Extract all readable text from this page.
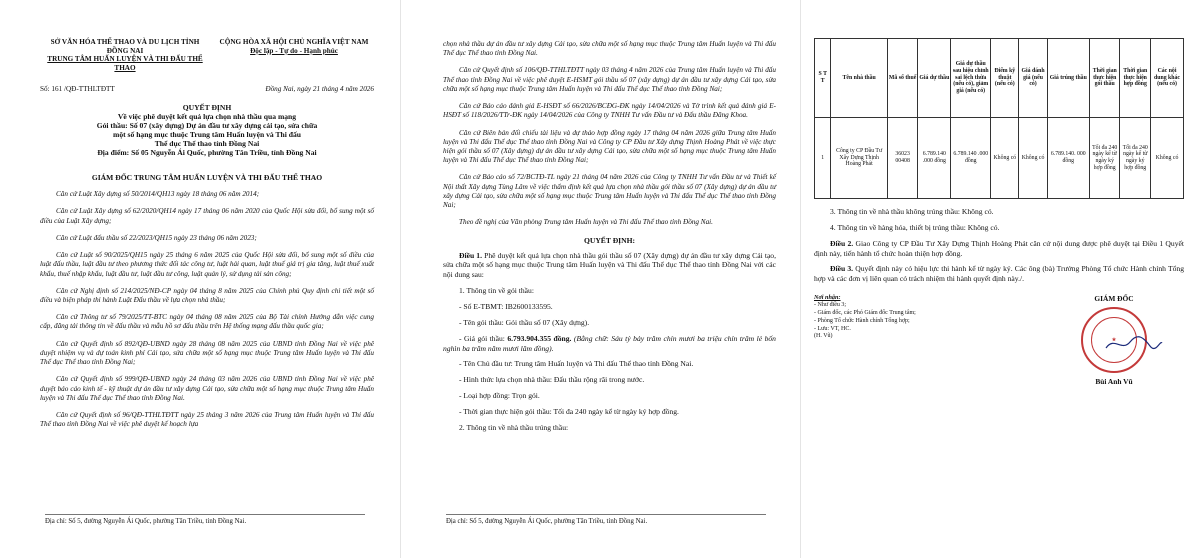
SỞ VĂN HÓA THỂ THAO VÀ DU LỊCH TỈNH ĐỒNG NAI
TRUNG TÂM HUẤN LUYỆN VÀ THI ĐẤU THỂ THAO
CỘNG HÒA XÃ HỘI CHỦ NGHĨA VIỆT NAM
Độc lập - Tự do - Hạnh phúc
Số: 161 /QĐ-TTHLTĐTT	Đồng Nai, ngày 21 tháng 4 năm 2026
QUYẾT ĐỊNH
Về việc phê duyệt kết quả lựa chọn nhà thầu qua mạng
Gói thầu: Số 07 (xây dựng) Dự án đầu tư xây dựng cải tạo, sửa chữa
một số hạng mục thuộc Trung tâm Huấn luyện và Thi đấu
Thể dục Thể thao tỉnh Đồng Nai
Địa điểm: Số 05 Nguyễn Ái Quốc, phường Tân Triều, tỉnh Đồng Nai
GIÁM ĐỐC TRUNG TÂM HUẤN LUYỆN VÀ THI ĐẤU THỂ THAO

Căn cứ Luật Xây dựng số 50/2014/QH13 ngày 18 tháng 06 năm 2014;

Căn cứ Luật Xây dựng số 62/2020/QH14 ngày 17 tháng 06 năm 2020 của Quốc Hội sửa đổi, bổ sung một số điều của Luật Xây dựng;

Căn cứ Luật đấu thầu số 22/2023/QH15 ngày 23 tháng 06 năm 2023;

Căn cứ Luật số 90/2025/QH15 ngày 25 tháng 6 năm 2025 của Quốc Hội sửa đổi, bổ sung một số điều của luật đấu thầu, luật đầu tư theo phương thức đối tác công tư, luật hải quan, luật thuế giá trị gia tăng, luật thuế xuất khẩu, thuế nhập khẩu, luật đầu tư, luật đầu tư công, luật quản lý, sử dụng tài sản công;

Căn cứ Nghị định số 214/2025/NĐ-CP ngày 04 tháng 8 năm 2025 của Chính phủ Quy định chi tiết một số điều và biện pháp thi hành Luật Đấu thầu về lựa chọn nhà thầu;

Căn cứ Thông tư số 79/2025/TT-BTC ngày 04 tháng 08 năm 2025 của Bộ Tài chính Hướng dẫn việc cung cấp, đăng tải thông tin về đấu thầu và mẫu hồ sơ đấu thầu trên Hệ thống mạng đấu thầu quốc gia;

Căn cứ Quyết định số 892/QĐ-UBND ngày 28 tháng 08 năm 2025 của UBND tỉnh Đồng Nai về việc phê duyệt nhiệm vụ và dự toán kinh phí Cải tạo, sửa chữa một số hạng mục thuộc Trung tâm Huấn luyện và Thi đấu Thể dục Thể thao tỉnh Đồng Nai;

Căn cứ Quyết định số 999/QĐ-UBND ngày 24 tháng 03 năm 2026 của UBND tỉnh Đồng Nai về việc phê duyệt báo cáo kinh tế - kỹ thuật dự án đầu tư xây dựng Cải tạo, sửa chữa một số hạng mục thuộc Trung tâm Huấn luyện và Thi đấu Thể dục Thể thao tỉnh Đồng Nai.

Căn cứ Quyết định số 96/QĐ-TTHLTĐTT ngày 25 tháng 3 năm 2026 của Trung tâm Huấn luyện và Thi đấu Thể thao tỉnh Đồng Nai về việc phê duyệt kế hoạch lựa

Địa chỉ: Số 5, đường Nguyễn Ái Quốc, phường Tân Triều, tỉnh Đồng Nai.

chọn nhà thầu dự án đầu tư xây dựng Cải tạo, sửa chữa một số hạng mục thuộc Trung tâm Huấn luyện và Thi đấu Thể dục Thể thao tỉnh Đồng Nai.

Căn cứ Quyết định số 106/QĐ-TTHLTĐTT ngày 03 tháng 4 năm 2026 của Trung tâm Huấn luyện và Thi đấu Thể thao tỉnh Đồng Nai về việc phê duyệt E-HSMT gói thầu số 07 (xây dựng) dự án đầu tư xây dựng Cải tạo, sửa chữa một số hạng mục thuộc Trung tâm Huấn luyện và Thi đấu Thể dục Thể thao tỉnh Đồng Nai;

Căn cứ Báo cáo đánh giá E-HSĐT số 66/2026/BCĐG-ĐK ngày 14/04/2026 và Tờ trình kết quả đánh giá E-HSĐT số 118/2026/TTr-ĐK ngày 14/04/2026 của Công ty TNHH Tư vấn Đầu tư và Đấu thầu Đăng Khoa.

Căn cứ Biên bản đối chiếu tài liệu và dự thảo hợp đồng ngày 17 tháng 04 năm 2026 giữa Trung tâm Huấn luyện và Thi đấu Thể dục Thể thao tỉnh Đồng Nai và Công ty CP Đầu tư Xây dựng Thịnh Hoàng Phát về việc thực hiện gói thầu số 07 (Xây dựng) dự án đầu tư xây dựng Cải tạo, sửa chữa một số hạng mục thuộc Trung tâm Huấn luyện và Thi đấu Thể dục Thể thao tỉnh Đồng Nai;

Căn cứ Báo cáo số 72/BCTĐ-TL ngày 21 tháng 04 năm 2026 của Công ty TNHH Tư vấn Đầu tư và Thiết kế Nội thất Xây dựng Tùng Lâm về việc thẩm định kết quả lựa chọn nhà thầu gói thầu số 07 (Xây dựng) dự án đầu tư xây dựng Cải tạo, sửa chữa một số hạng mục thuộc Trung tâm Huấn luyện và Thi đấu Thể dục Thể thao tỉnh Đồng Nai;

Theo đề nghị của Văn phòng Trung tâm Huấn luyện và Thi đấu Thể thao tỉnh Đồng Nai.

QUYẾT ĐỊNH:

Điều 1. Phê duyệt kết quả lựa chọn nhà thầu gói thầu số 07 (Xây dựng) dự án đầu tư xây dựng Cải tạo, sửa chữa một số hạng mục thuộc Trung tâm Huấn luyện và Thi đấu Thể dục Thể thao tỉnh Đồng Nai với các nội dung sau:

1. Thông tin về gói thầu:

- Số E-TBMT: IB2600133595.

- Tên gói thầu: Gói thầu số 07 (Xây dựng).

- Giá gói thầu: 6.793.904.355 đồng. (Bằng chữ: Sáu tỷ bảy trăm chín mươi ba triệu chín trăm lẻ bốn nghìn ba trăm năm mươi lăm đồng).

- Tên Chủ đầu tư: Trung tâm Huấn luyện và Thi đấu Thể thao tỉnh Đồng Nai.

- Hình thức lựa chọn nhà thầu: Đấu thầu rộng rãi trong nước.

- Loại hợp đồng: Trọn gói.

- Thời gian thực hiện gói thầu: Tối đa 240 ngày kể từ ngày ký hợp đồng.

2. Thông tin về nhà thầu trúng thầu:

Địa chỉ: Số 5, đường Nguyễn Ái Quốc, phường Tân Triều, tỉnh Đồng Nai.
S T T	Tên nhà thầu	Mã số thuế	Giá dự thầu	Giá dự thầu sau hiệu chỉnh sai lệch thừa (nếu có), giảm giá (nếu có)	Điểm kỹ thuật (nếu có)	Giá đánh giá (nếu có)	Giá trúng thầu	Thời gian thực hiện gói thầu	Thời gian thực hiện hợp đồng	Các nội dung khác (nếu có)
1	Công ty CP Đầu Tư Xây Dựng Thịnh Hoàng Phát	36023 00408	6.789.140 .000 đồng	6.789.140 .000 đồng	Không có	Không có	6.789.140. 000 đồng	Tối đa 240 ngày kể từ ngày ký hợp đồng	Tối đa 240 ngày kể từ ngày ký hợp đồng	Không có

3. Thông tin về nhà thầu không trúng thầu: Không có.

4. Thông tin về hàng hóa, thiết bị trúng thầu: Không có.

Điều 2. Giao Công ty CP Đầu Tư Xây Dựng Thịnh Hoàng Phát căn cứ nội dung được phê duyệt tại Điều 1 Quyết định này, tiến hành tổ chức hoàn thiện hợp đồng.

Điều 3. Quyết định này có hiệu lực thi hành kể từ ngày ký. Các ông (bà) Trưởng Phòng Tổ chức Hành chính Tổng hợp và các đơn vị liên quan có trách nhiệm thi hành quyết định này./.

Nơi nhận:
- Như điều 3;
- Giám đốc, các Phó Giám đốc Trung tâm;
- Phòng Tổ chức Hành chính Tổng hợp;
- Lưu: VT, HC.
(H. Vũ)
GIÁM ĐỐC
★
Bùi Anh Vũ
